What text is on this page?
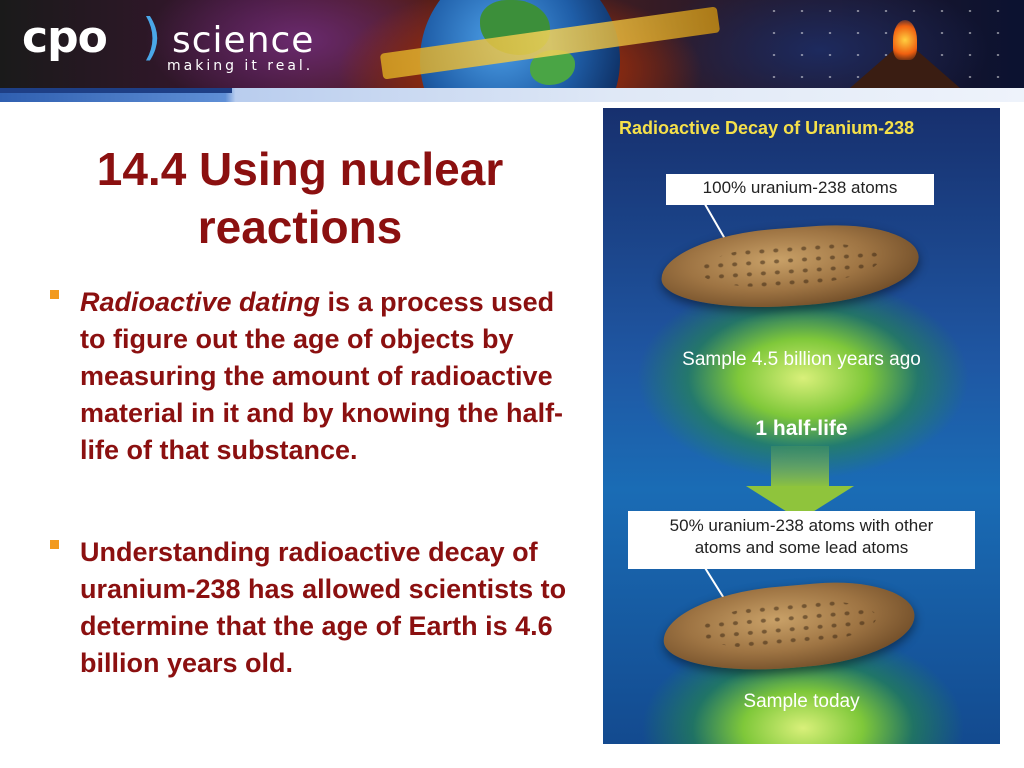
cpo ) science
making it real.
14.4 Using nuclear reactions
Radioactive dating is a process used to figure out the age of objects by measuring the amount of radioactive material in it and by knowing the half-life of that substance.
Understanding radioactive decay of uranium-238 has allowed scientists to determine that the age of Earth is 4.6 billion years old.
Radioactive Decay of Uranium-238
100% uranium-238 atoms
Sample 4.5 billion years ago
1 half-life
50% uranium-238 atoms with other
atoms and some lead atoms
Sample today
